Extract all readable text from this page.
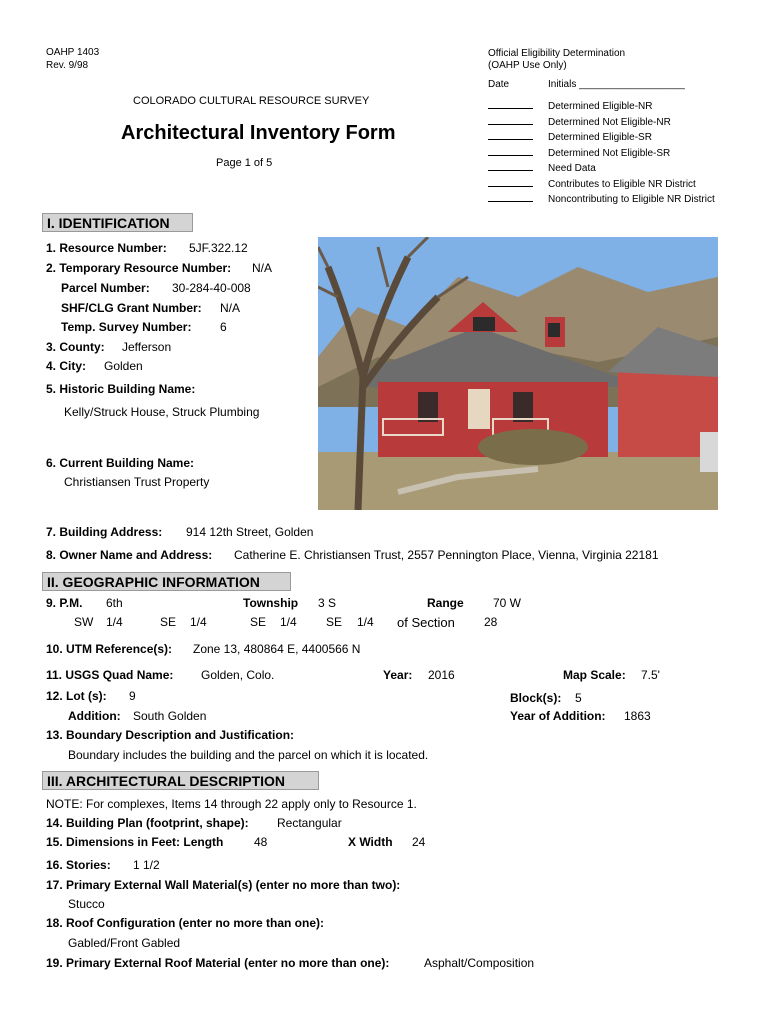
OAHP 1403
Rev. 9/98
COLORADO CULTURAL RESOURCE SURVEY
Architectural Inventory Form
Page 1 of 5
Official Eligibility Determination
(OAHP Use Only)
Date	Initials ___________________
Determined Eligible-NR
Determined Not Eligible-NR
Determined Eligible-SR
Determined Not Eligible-SR
Need Data
Contributes to Eligible NR District
Noncontributing to Eligible NR District
I. IDENTIFICATION
1. Resource Number: 5JF.322.12
2. Temporary Resource Number: N/A
Parcel Number: 30-284-40-008
SHF/CLG Grant Number: N/A
Temp. Survey Number: 6
3. County: Jefferson
4. City: Golden
5. Historic Building Name:
Kelly/Struck House, Struck Plumbing
6. Current Building Name:
Christiansen Trust Property
7. Building Address: 914 12th Street, Golden
8. Owner Name and Address: Catherine E. Christiansen Trust, 2557 Pennington Place, Vienna, Virginia 22181
II. GEOGRAPHIC INFORMATION
9. P.M. 6th	Township 3 S	Range 70 W
SW 1/4	SE 1/4	SE 1/4 SE 1/4 of Section 28
10. UTM Reference(s): Zone 13, 480864 E, 4400566 N
11. USGS Quad Name: Golden, Colo.	Year: 2016	Map Scale: 7.5'
12. Lot (s): 9	Block(s): 5
Addition: South Golden	Year of Addition: 1863
13. Boundary Description and Justification:
Boundary includes the building and the parcel on which it is located.
III. ARCHITECTURAL DESCRIPTION
NOTE: For complexes, Items 14 through 22 apply only to Resource 1.
14. Building Plan (footprint, shape): Rectangular
15. Dimensions in Feet: Length	48	X Width 24
16. Stories: 1 1/2
17. Primary External Wall Material(s) (enter no more than two):
Stucco
18. Roof Configuration (enter no more than one):
Gabled/Front Gabled
19. Primary External Roof Material (enter no more than one):	Asphalt/Composition
